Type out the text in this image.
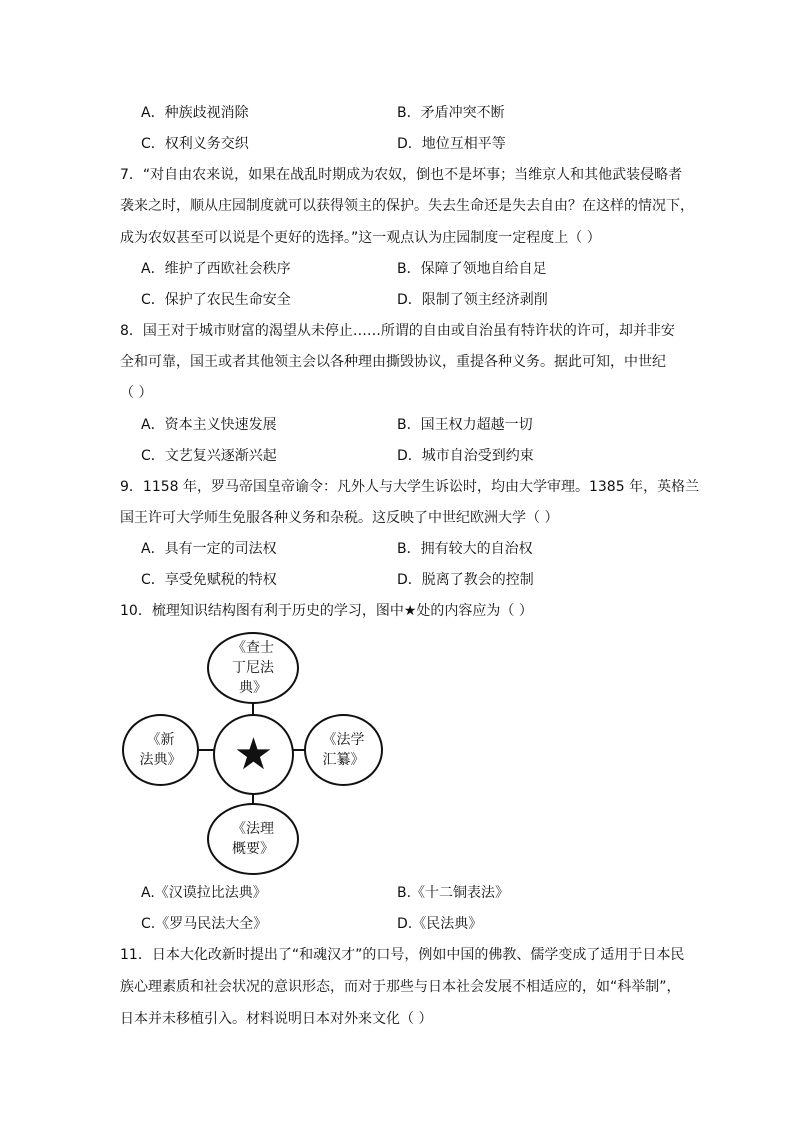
A．种族歧视消除	B．矛盾冲突不断
C．权利义务交织	D．地位互相平等
7．“对自由农来说，如果在战乱时期成为农奴，倒也不是坏事；当维京人和其他武装侵略者
袭来之时，顺从庄园制度就可以获得领主的保护。失去生命还是失去自由？在这样的情况下，
成为农奴甚至可以说是个更好的选择。”这一观点认为庄园制度一定程度上（ ）
A．维护了西欧社会秩序	B．保障了领地自给自足
C．保护了农民生命安全	D．限制了领主经济剥削
8．国王对于城市财富的渴望从未停止……所谓的自由或自治虽有特许状的许可，却并非安
全和可靠，国王或者其他领主会以各种理由撕毁协议，重提各种义务。据此可知，中世纪
（ ）
A．资本主义快速发展	B．国王权力超越一切
C．文艺复兴逐渐兴起	D．城市自治受到约束
9．1158 年，罗马帝国皇帝谕令：凡外人与大学生诉讼时，均由大学审理。1385 年，英格兰
国王许可大学师生免服各种义务和杂税。这反映了中世纪欧洲大学（ ）
A．具有一定的司法权	B．拥有较大的自治权
C．享受免赋税的特权	D．脱离了教会的控制
10．梳理知识结构图有利于历史的学习，图中★处的内容应为（ ）
《查士
丁尼法
典》
《新
法典》 ★	《法学
汇纂》
《法理
概要》
A.《汉谟拉比法典》	B.《十二铜表法》
C.《罗马民法大全》	D.《民法典》
11．日本大化改新时提出了“和魂汉才”的口号，例如中国的佛教、儒学变成了适用于日本民
族心理素质和社会状况的意识形态，而对于那些与日本社会发展不相适应的，如“科举制”，
日本并未移植引入。材料说明日本对外来文化（ ）
